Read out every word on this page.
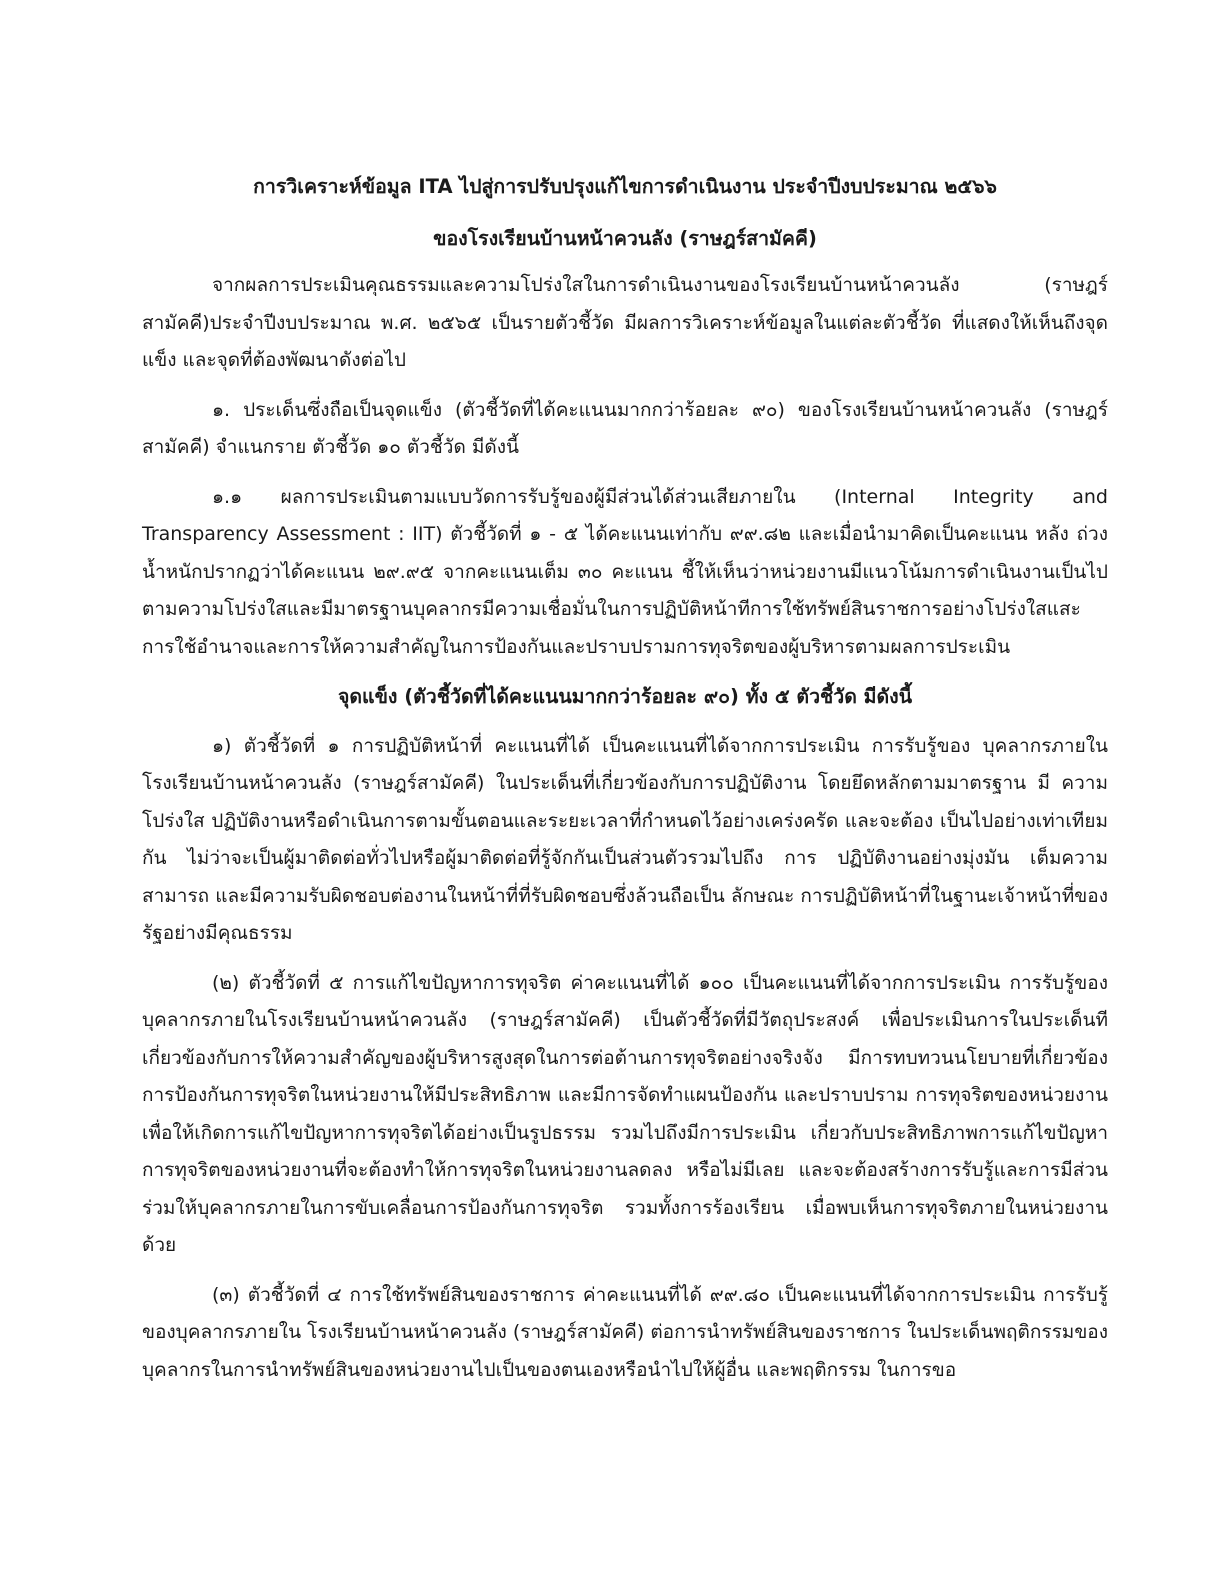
การวิเคราะห์ข้อมูล ITA ไปสู่การปรับปรุงแก้ไขการดำเนินงาน ประจำปีงบประมาณ ๒๕๖๖

ของโรงเรียนบ้านหน้าควนลัง (ราษฎร์สามัคคี)

จากผลการประเมินคุณธรรมและความโปร่งใสในการดำเนินงานของโรงเรียนบ้านหน้าควนลัง (ราษฎร์สามัคคี)ประจำปีงบประมาณ พ.ศ. ๒๕๖๕ เป็นรายตัวชี้วัด มีผลการวิเคราะห์ข้อมูลในแต่ละตัวชี้วัด ที่แสดงให้เห็นถึงจุดแข็ง และจุดที่ต้องพัฒนาดังต่อไป

๑. ประเด็นซึ่งถือเป็นจุดแข็ง (ตัวชี้วัดที่ได้คะแนนมากกว่าร้อยละ ๙๐) ของโรงเรียนบ้านหน้าควนลัง (ราษฎร์สามัคคี) จำแนกราย ตัวชี้วัด ๑๐ ตัวชี้วัด มีดังนี้

๑.๑ ผลการประเมินตามแบบวัดการรับรู้ของผู้มีส่วนได้ส่วนเสียภายใน (Internal Integrity and Transparency Assessment : IIT) ตัวชี้วัดที่ ๑ - ๕ ได้คะแนนเท่ากับ ๙๙.๘๒ และเมื่อนำมาคิดเป็นคะแนน หลัง ถ่วงน้ำหนักปรากฏว่าได้คะแนน ๒๙.๙๕ จากคะแนนเต็ม ๓๐ คะแนน ชี้ให้เห็นว่าหน่วยงานมีแนวโน้มการดำเนินงานเป็นไปตามความโปร่งใสและมีมาตรฐานบุคลากรมีความเชื่อมั่นในการปฏิบัติหน้าทีการใช้ทรัพย์สินราชการอย่างโปร่งใสแสะการใช้อำนาจและการให้ความสำคัญในการป้องกันและปราบปรามการทุจริตของผู้บริหารตามผลการประเมิน

จุดแข็ง (ตัวชี้วัดที่ได้คะแนนมากกว่าร้อยละ ๙๐) ทั้ง ๕ ตัวชี้วัด มีดังนี้

๑) ตัวชี้วัดที่ ๑ การปฏิบัติหน้าที่ คะแนนที่ได้ เป็นคะแนนที่ได้จากการประเมิน การรับรู้ของ บุคลากรภายในโรงเรียนบ้านหน้าควนลัง (ราษฎร์สามัคคี) ในประเด็นที่เกี่ยวข้องกับการปฏิบัติงาน โดยยึดหลักตามมาตรฐาน มี ความโปร่งใส ปฏิบัติงานหรือดำเนินการตามขั้นตอนและระยะเวลาที่กำหนดไว้อย่างเคร่งครัด และจะต้อง เป็นไปอย่างเท่าเทียมกัน ไม่ว่าจะเป็นผู้มาติดต่อทั่วไปหรือผู้มาติดต่อที่รู้จักกันเป็นส่วนตัวรวมไปถึง การ ปฏิบัติงานอย่างมุ่งมัน เต็มความสามารถ และมีความรับผิดชอบต่องานในหน้าที่ที่รับผิดชอบซึ่งล้วนถือเป็น ลักษณะ การปฏิบัติหน้าที่ในฐานะเจ้าหน้าที่ของรัฐอย่างมีคุณธรรม

(๒) ตัวชี้วัดที่ ๕ การแก้ไขปัญหาการทุจริต ค่าคะแนนที่ได้ ๑๐๐ เป็นคะแนนที่ได้จากการประเมิน การรับรู้ของบุคลากรภายในโรงเรียนบ้านหน้าควนลัง (ราษฎร์สามัคคี) เป็นตัวชี้วัดที่มีวัตถุประสงค์ เพื่อประเมินการในประเด็นทีเกี่ยวข้องกับการให้ความสำคัญของผู้บริหารสูงสุดในการต่อต้านการทุจริตอย่างจริงจัง มีการทบทวนนโยบายที่เกี่ยวข้องการป้องกันการทุจริตในหน่วยงานให้มีประสิทธิภาพ และมีการจัดทำแผนป้องกัน และปราบปราม การทุจริตของหน่วยงานเพื่อให้เกิดการแก้ไขปัญหาการทุจริตได้อย่างเป็นรูปธรรม รวมไปถึงมีการประเมิน เกี่ยวกับประสิทธิภาพการแก้ไขปัญหาการทุจริตของหน่วยงานที่จะต้องทำให้การทุจริตในหน่วยงานลดลง หรือไม่มีเลย และจะต้องสร้างการรับรู้และการมีส่วนร่วมให้บุคลากรภายในการขับเคลื่อนการป้องกันการทุจริต รวมทั้งการร้องเรียน เมื่อพบเห็นการทุจริตภายในหน่วยงานด้วย

(๓) ตัวชี้วัดที่ ๔ การใช้ทรัพย์สินของราชการ ค่าคะแนนที่ได้ ๙๙.๘๐ เป็นคะแนนที่ได้จากการประเมิน การรับรู้ของบุคลากรภายใน โรงเรียนบ้านหน้าควนลัง (ราษฎร์สามัคคี) ต่อการนำทรัพย์สินของราชการ ในประเด็นพฤติกรรมของ บุคลากรในการนำทรัพย์สินของหน่วยงานไปเป็นของตนเองหรือนำไปให้ผู้อื่น และพฤติกรรม ในการขอ
